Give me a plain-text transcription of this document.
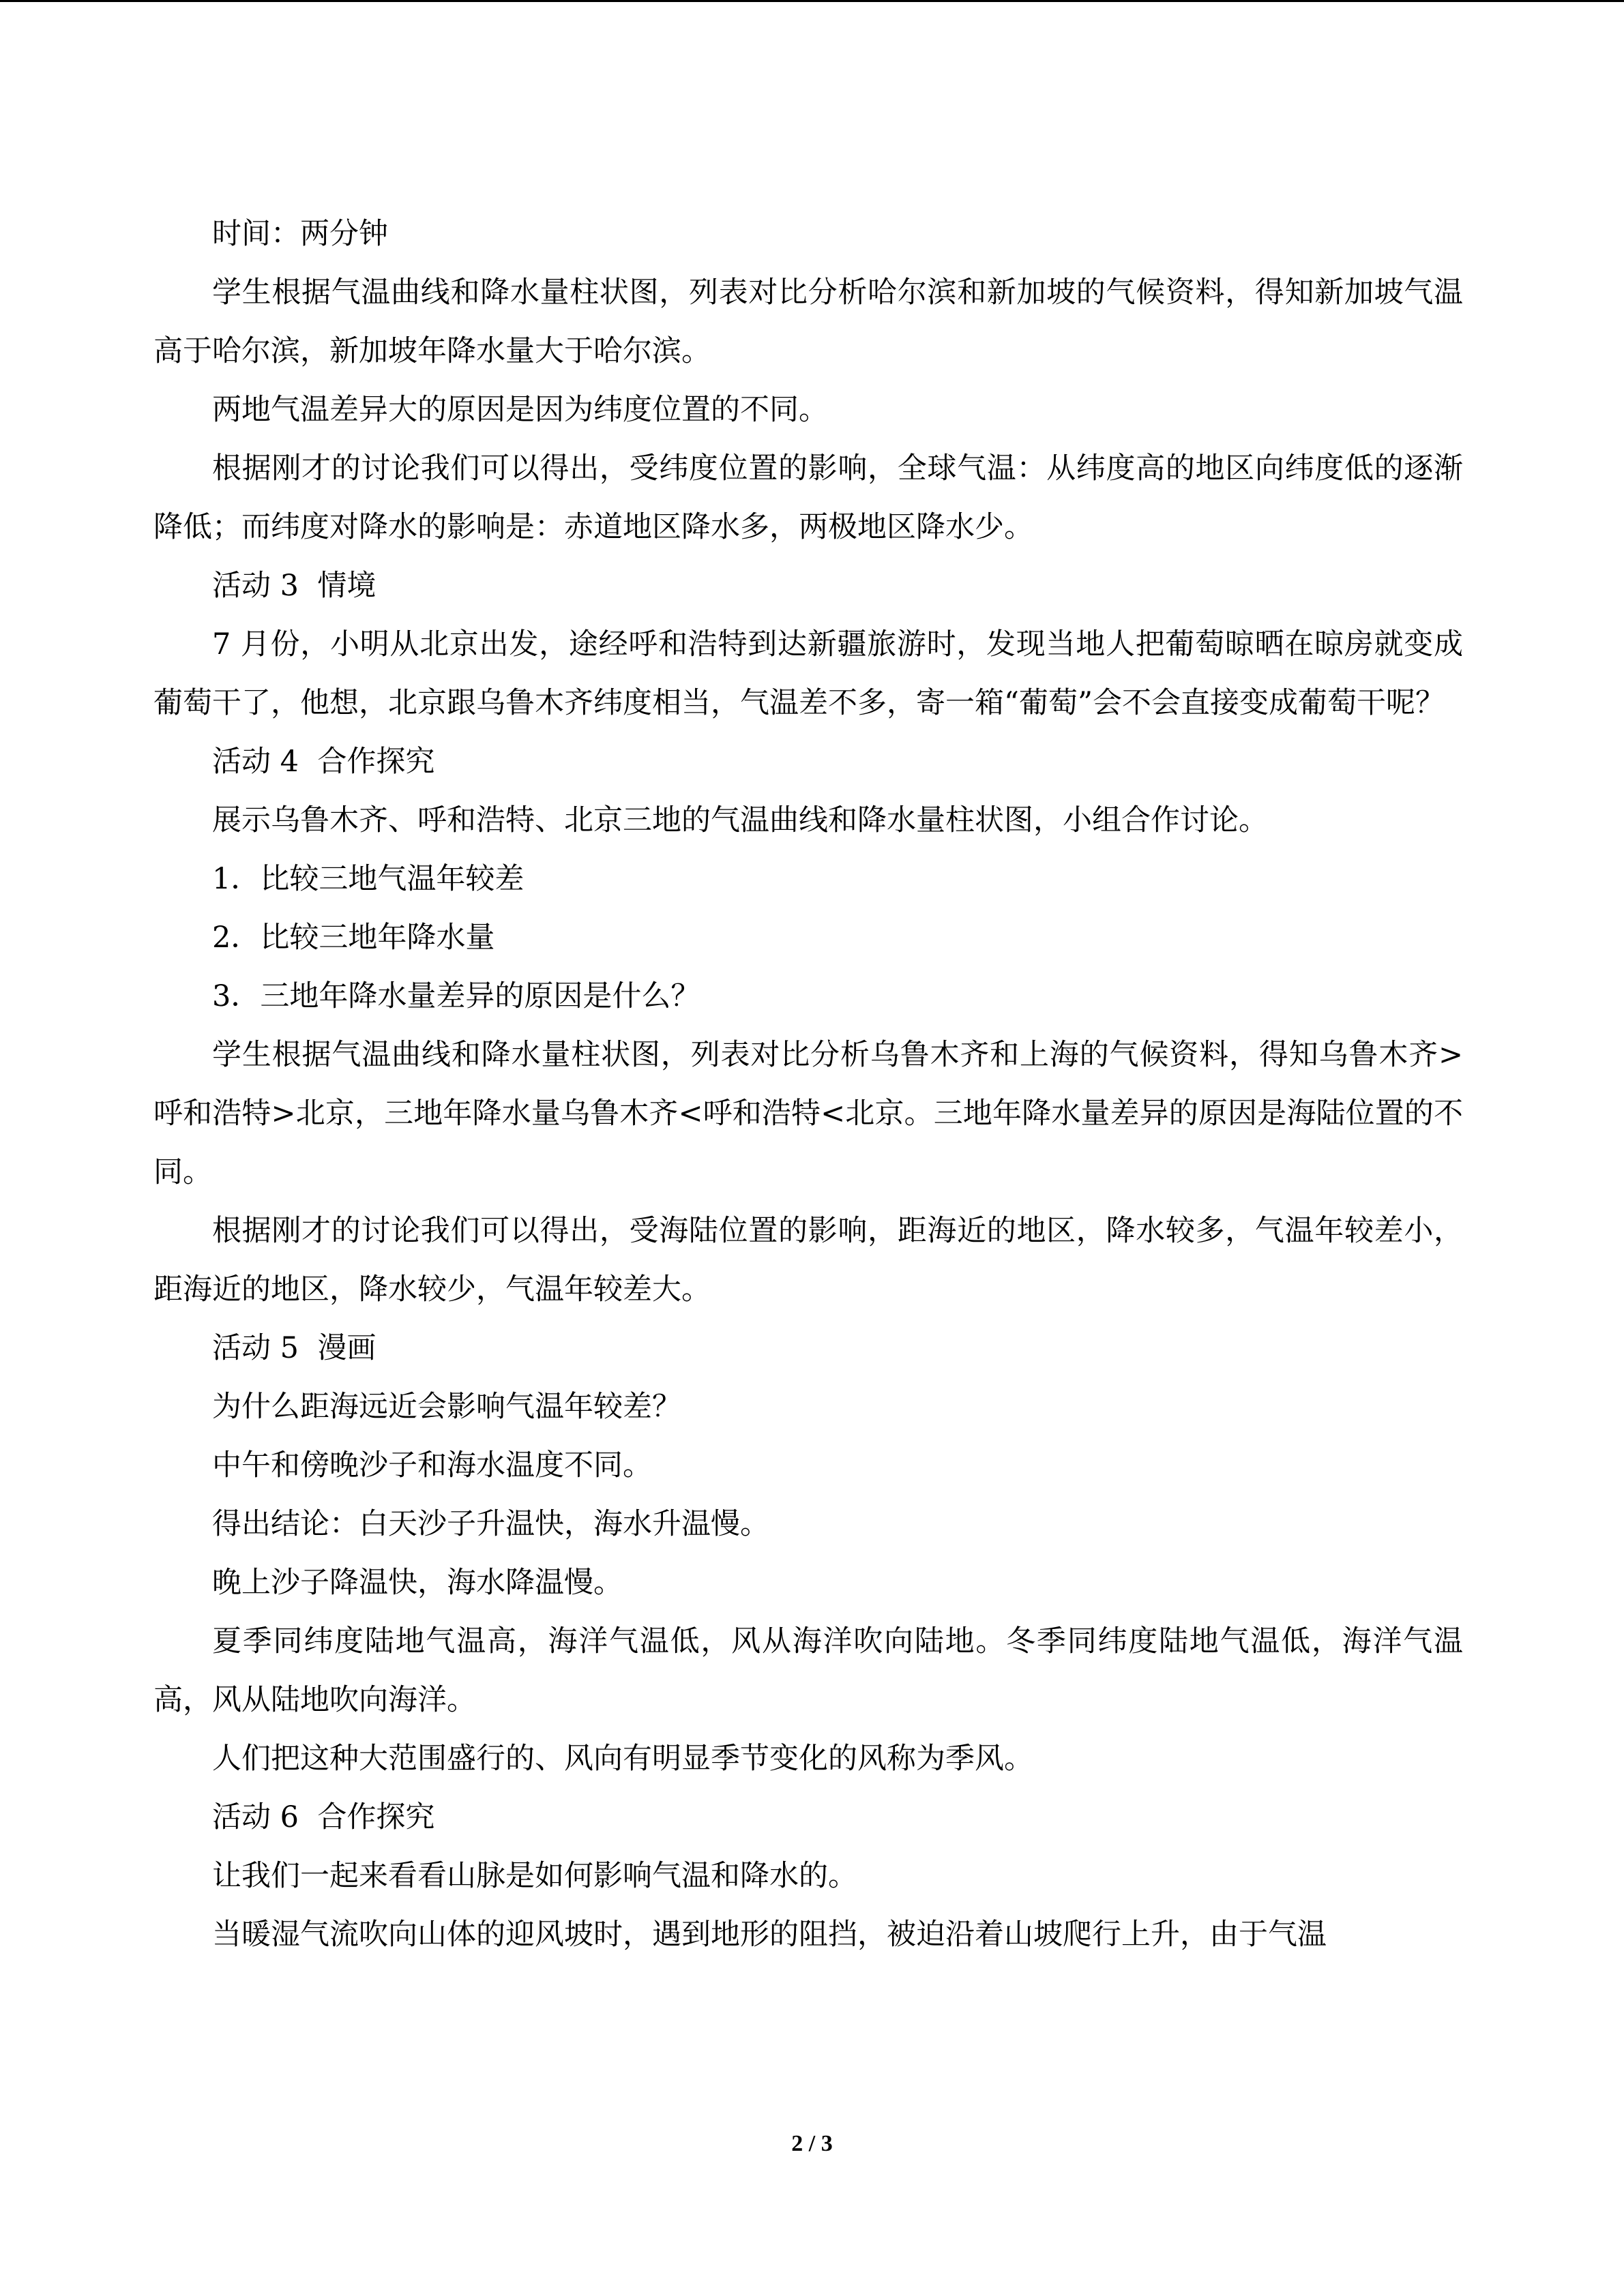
时间：两分钟

学生根据气温曲线和降水量柱状图，列表对比分析哈尔滨和新加坡的气候资料，得知新加坡气温高于哈尔滨，新加坡年降水量大于哈尔滨。

两地气温差异大的原因是因为纬度位置的不同。

根据刚才的讨论我们可以得出，受纬度位置的影响，全球气温：从纬度高的地区向纬度低的逐渐降低；而纬度对降水的影响是：赤道地区降水多，两极地区降水少。

活动 3  情境

7 月份，小明从北京出发，途经呼和浩特到达新疆旅游时，发现当地人把葡萄晾晒在晾房就变成葡萄干了，他想，北京跟乌鲁木齐纬度相当，气温差不多，寄一箱“葡萄”会不会直接变成葡萄干呢？

活动 4  合作探究

展示乌鲁木齐、呼和浩特、北京三地的气温曲线和降水量柱状图，小组合作讨论。

1．比较三地气温年较差

2．比较三地年降水量

3．三地年降水量差异的原因是什么？

学生根据气温曲线和降水量柱状图，列表对比分析乌鲁木齐和上海的气候资料，得知乌鲁木齐>呼和浩特>北京，三地年降水量乌鲁木齐<呼和浩特<北京。三地年降水量差异的原因是海陆位置的不同。

根据刚才的讨论我们可以得出，受海陆位置的影响，距海近的地区，降水较多，气温年较差小，距海近的地区，降水较少，气温年较差大。

活动 5  漫画

为什么距海远近会影响气温年较差？

中午和傍晚沙子和海水温度不同。

得出结论：白天沙子升温快，海水升温慢。

晚上沙子降温快，海水降温慢。

夏季同纬度陆地气温高，海洋气温低，风从海洋吹向陆地。冬季同纬度陆地气温低，海洋气温高，风从陆地吹向海洋。

人们把这种大范围盛行的、风向有明显季节变化的风称为季风。

活动 6  合作探究

让我们一起来看看山脉是如何影响气温和降水的。

当暖湿气流吹向山体的迎风坡时，遇到地形的阻挡，被迫沿着山坡爬行上升，由于气温

2 / 3
